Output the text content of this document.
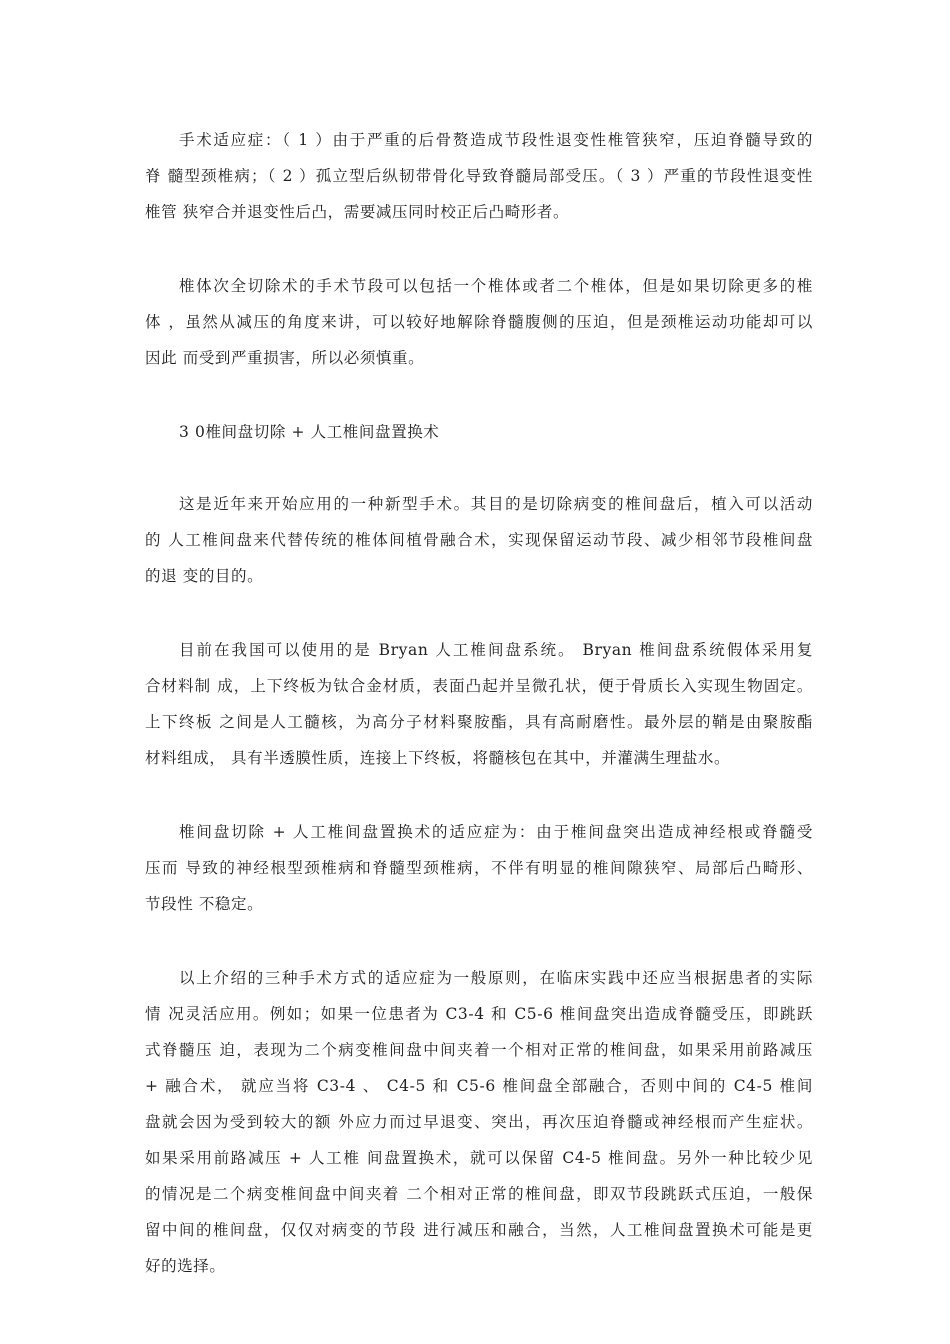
手术适应症：（ 1 ）由于严重的后骨赘造成节段性退变性椎管狭窄，压迫脊髓导致的
脊 髓型颈椎病；（ 2 ）孤立型后纵韧带骨化导致脊髓局部受压。（ 3 ）严重的节段性退变性
椎管 狭窄合并退变性后凸，需要减压同时校正后凸畸形者。
椎体次全切除术的手术节段可以包括一个椎体或者二个椎体，但是如果切除更多的椎
体 ，虽然从减压的角度来讲，可以较好地解除脊髓腹侧的压迫，但是颈椎运动功能却可以
因此 而受到严重损害，所以必须慎重。
3 0椎间盘切除 + 人工椎间盘置换术
这是近年来开始应用的一种新型手术。其目的是切除病变的椎间盘后，植入可以活动
的 人工椎间盘来代替传统的椎体间植骨融合术，实现保留运动节段、减少相邻节段椎间盘
的退 变的目的。
目前在我国可以使用的是 Bryan 人工椎间盘系统。 Bryan 椎间盘系统假体采用复
合材料制 成，上下终板为钛合金材质，表面凸起并呈微孔状，便于骨质长入实现生物固定。
上下终板 之间是人工髓核，为高分子材料聚胺酯，具有高耐磨性。最外层的鞘是由聚胺酯
材料组成， 具有半透膜性质，连接上下终板，将髓核包在其中，并灌满生理盐水。
椎间盘切除 + 人工椎间盘置换术的适应症为：由于椎间盘突出造成神经根或脊髓受
压而 导致的神经根型颈椎病和脊髓型颈椎病，不伴有明显的椎间隙狭窄、局部后凸畸形、
节段性 不稳定。
以上介绍的三种手术方式的适应症为一般原则，在临床实践中还应当根据患者的实际
情 况灵活应用。例如；如果一位患者为 C3-4 和 C5-6 椎间盘突出造成脊髓受压，即跳跃
式脊髓压 迫，表现为二个病变椎间盘中间夹着一个相对正常的椎间盘，如果采用前路减压
+ 融合术， 就应当将 C3-4 、 C4-5 和 C5-6 椎间盘全部融合，否则中间的 C4-5 椎间
盘就会因为受到较大的额 外应力而过早退变、突出，再次压迫脊髓或神经根而产生症状。
如果采用前路减压 + 人工椎 间盘置换术，就可以保留 C4-5 椎间盘。另外一种比较少见
的情况是二个病变椎间盘中间夹着 二个相对正常的椎间盘，即双节段跳跃式压迫，一般保
留中间的椎间盘，仅仅对病变的节段 进行减压和融合，当然，人工椎间盘置换术可能是更
好的选择。
